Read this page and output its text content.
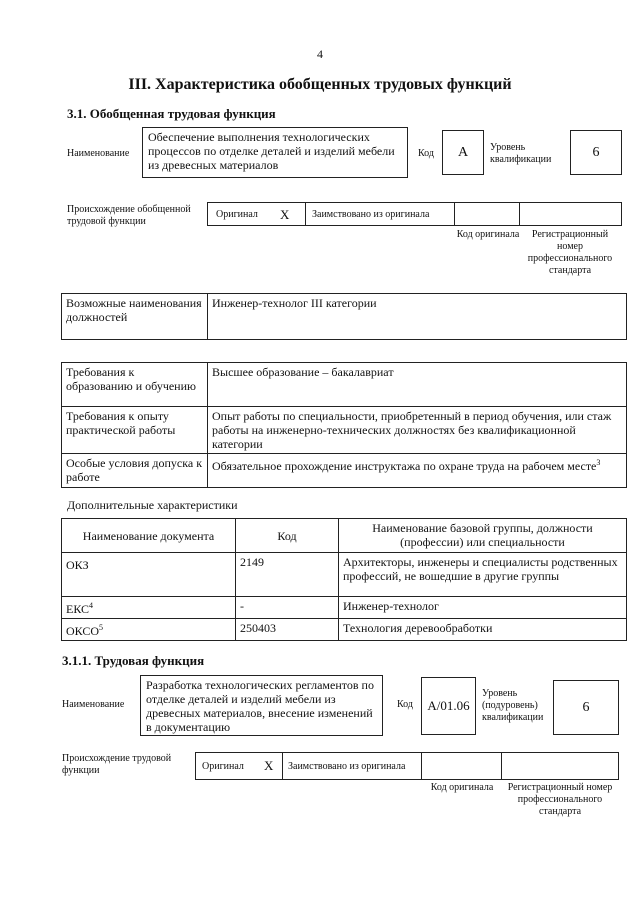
4
III. Характеристика обобщенных трудовых функций
3.1. Обобщенная трудовая функция
Наименование
Обеспечение выполнения технологических процессов по отделке деталей и изделий мебели из древесных материалов
Код А Уровень квалификации	6
Происхождение обобщенной трудовой функции
Оригинал Х Заимствовано из оригинала
Код оригинала	Регистрационный номер профессионального стандарта
Возможные наименования должностей	Инженер-технолог III категории
Требования к образованию и обучению	Высшее образование – бакалавриат
Требования к опыту практической работы	Опыт работы по специальности, приобретенный в период обучения, или стаж работы на инженерно-технических должностях без квалификационной категории
Особые условия допуска к работе	Обязательное прохождение инструктажа по охране труда на рабочем месте$^3$
Дополнительные характеристики
Наименование документа	Код	Наименование базовой группы, должности (профессии) или специальности
ОКЗ	2149	Архитекторы, инженеры и специалисты родственных профессий, не вошедшие в другие группы
ЕКС$^4$	-	Инженер-технолог
ОКСО$^5$	250403	Технология деревообработки
3.1.1. Трудовая функция
Наименование
Разработка технологических регламентов по отделке деталей и изделий мебели из древесных материалов, внесение изменений в документацию
Код А/01.06
Уровень (подуровень) квалификации
6
Происхождение трудовой функции	Оригинал Х Заимствовано из оригинала
Код оригинала	Регистрационный номер профессионального стандарта
